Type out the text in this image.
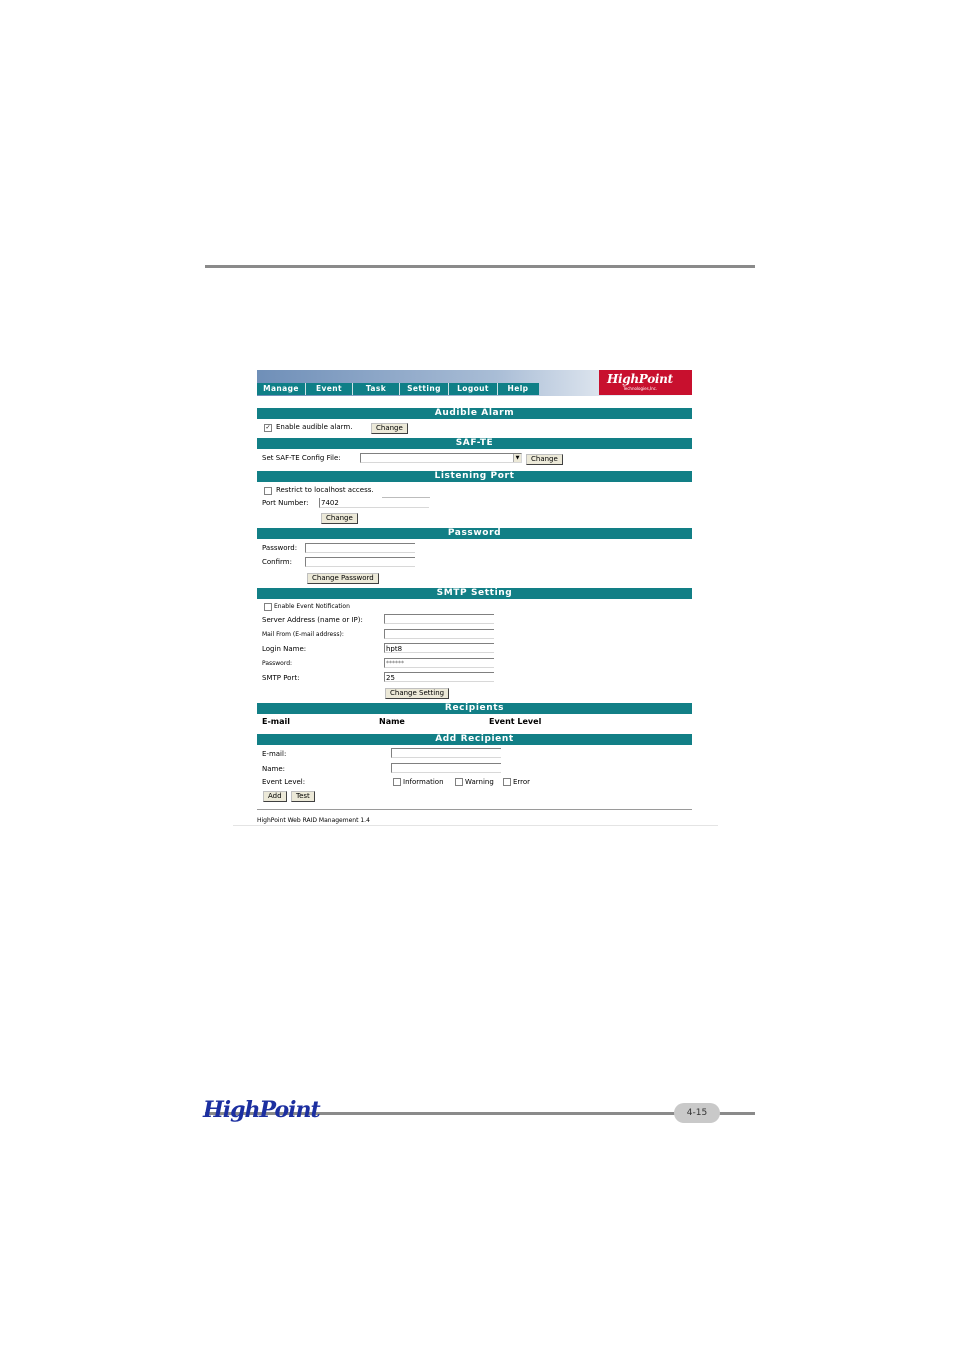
Manage	Event	Task	Setting	Logout	Help
HighPoint
Technologies,Inc.
Audible Alarm
✓ Enable audible alarm.	Change
SAF-TE
Set SAF-TE Config File:	▼	Change
Listening Port
Restrict to localhost access.
Port Number: 7402
Change
Password
Password:
Confirm:
Change Password
SMTP Setting
Enable Event Notification
Server Address (name or IP):
Mail From (E-mail address):
Login Name:	hpt8
Password:	******
SMTP Port:	25
Change Setting
Recipients
E-mail	Name	Event Level
Add Recipient
E-mail:
Name:
Event Level:	Information	Warning	Error
Add	Test
HighPoint Web RAID Management 1.4
HighPoint	4-15
